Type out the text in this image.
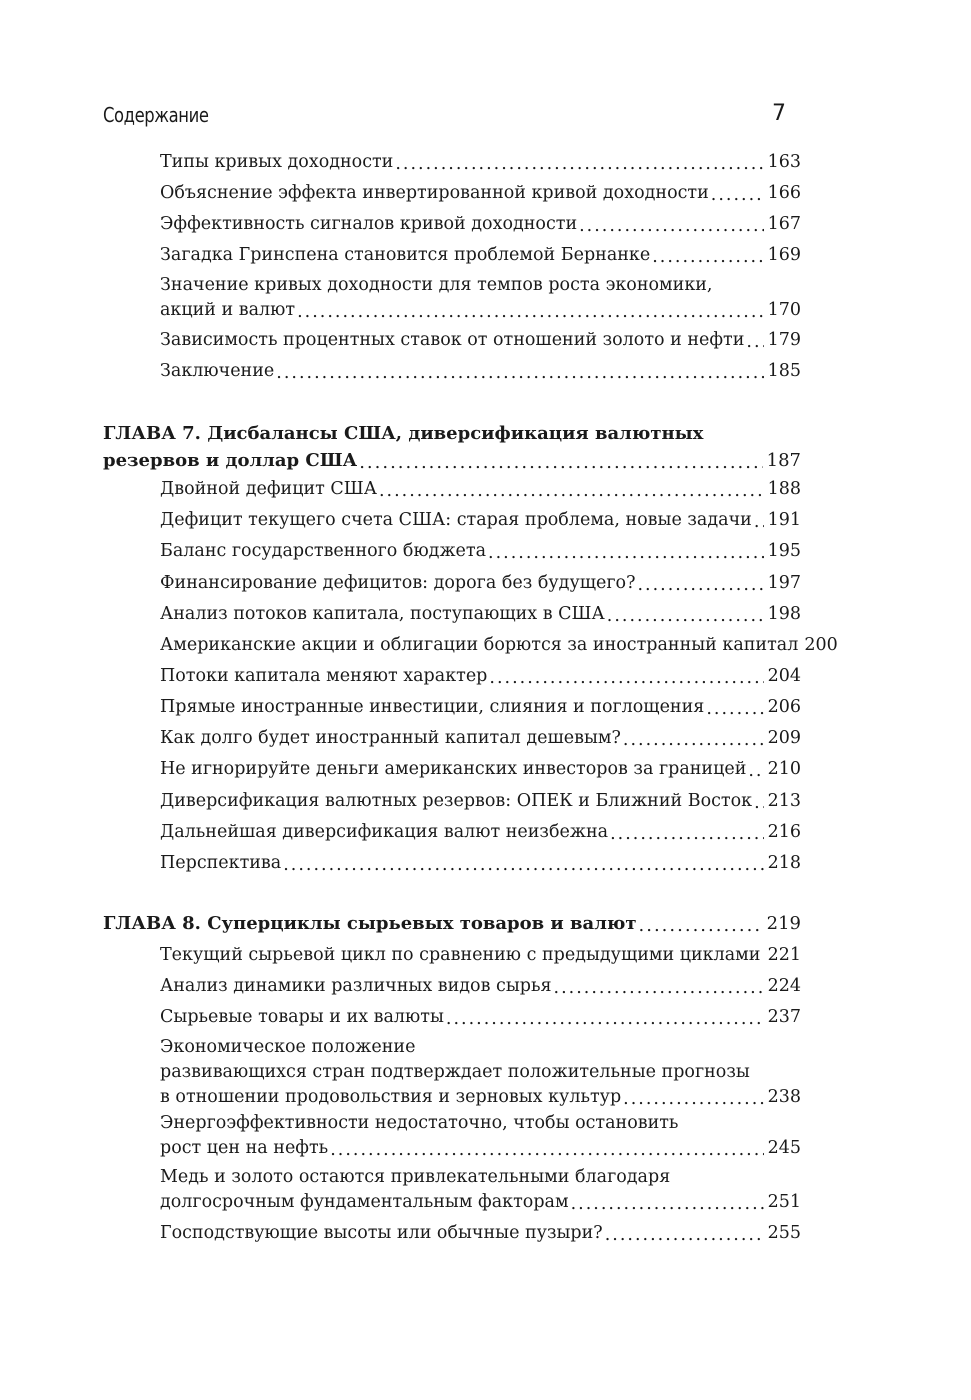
Содержание	7
Типы кривых доходности .....	163
Объяснение эффекта инвертированной кривой доходности .....	166
Эффективность сигналов кривой доходности .....	167
Загадка Гринспена становится проблемой Бернанке .....	169
Значение кривых доходности для темпов роста экономики,
акций и валют .....	170
Зависимость процентных ставок от отношений золото и нефти ..... 179
Заключение .....	185
ГЛАВА 7. Дисбалансы США, диверсификация валютных
резервов и доллар США .....	187
Двойной дефицит США .....	188
Дефицит текущего счета США: старая проблема, новые задачи ..... 191
Баланс государственного бюджета .....	195
Финансирование дефицитов: дорога без будущего? .....	197
Анализ потоков капитала, поступающих в США .....	198
Американские акции и облигации борются за иностранный капитал 200
Потоки капитала меняют характер .....	204
Прямые иностранные инвестиции, слияния и поглощения .....	206
Как долго будет иностранный капитал дешевым? .....	209
Не игнорируйте деньги американских инвесторов за границей ..... 210
Диверсификация валютных резервов: ОПЕК и Ближний Восток ..... 213
Дальнейшая диверсификация валют неизбежна .....	216
Перспектива .....	218
ГЛАВА 8. Суперциклы сырьевых товаров и валют .....	219
Текущий сырьевой цикл по сравнению с предыдущими циклами ..... 221
Анализ динамики различных видов сырья .....	224
Сырьевые товары и их валюты .....	237
Экономическое положение
развивающихся стран подтверждает положительные прогнозы
в отношении продовольствия и зерновых культур .....	238
Энергоэффективности недостаточно, чтобы остановить
рост цен на нефть .....	245
Медь и золото остаются привлекательными благодаря
долгосрочным фундаментальным факторам .....	251
Господствующие высоты или обычные пузыри? .....	255
